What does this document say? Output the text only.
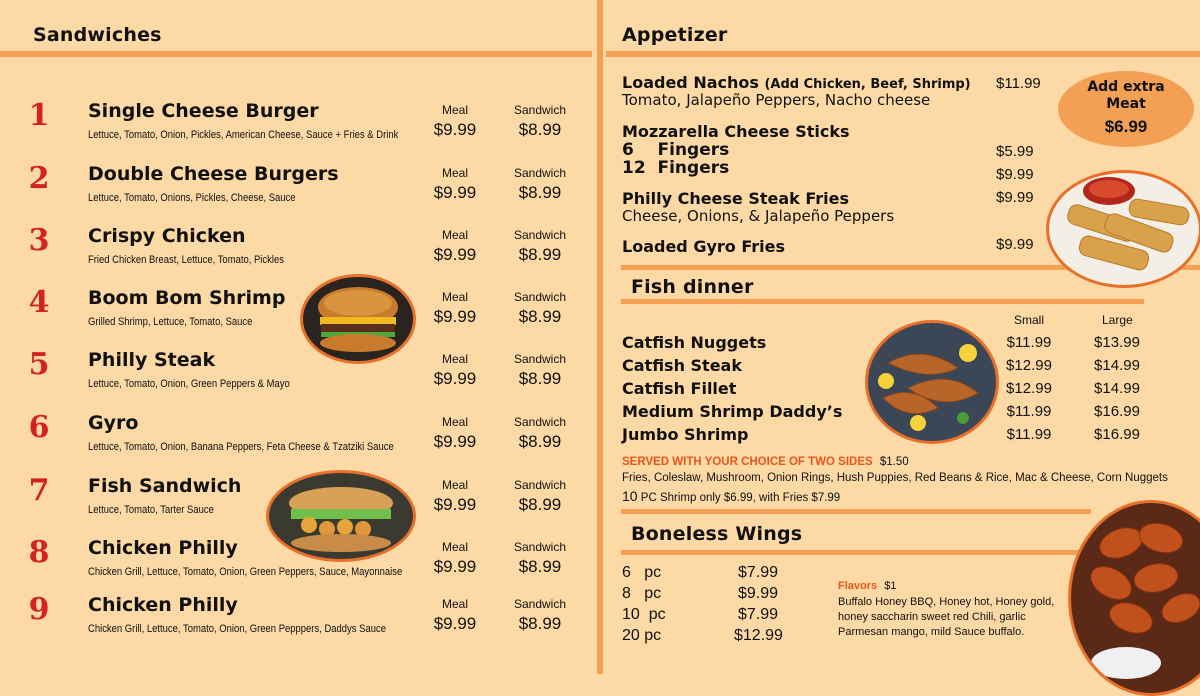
Sandwiches	Appetizer
1 Single Cheese Burger
Lettuce, Tomato, Onion, Pickles, American Cheese, Sauce + Fries & Drink
Meal
$9.99
Sandwich
$8.99
2 Double Cheese Burgers
Lettuce, Tomato, Onions, Pickles, Cheese, Sauce
Meal
$9.99
Sandwich
$8.99
3 Crispy Chicken
Fried Chicken Breast, Lettuce, Tomato, Pickles
Meal
$9.99
Sandwich
$8.99
4 Boom Bom Shrimp
Grilled Shrimp, Lettuce, Tomato, Sauce
Meal
$9.99
Sandwich
$8.99
5 Philly Steak
Lettuce, Tomato, Onion, Green Peppers & Mayo
Meal
$9.99
Sandwich
$8.99
6 Gyro
Lettuce, Tomato, Onion, Banana Peppers, Feta Cheese & Tzatziki Sauce
Meal
$9.99
Sandwich
$8.99
7 Fish Sandwich
Lettuce, Tomato, Tarter Sauce
Meal
$9.99
Sandwich
$8.99
8 Chicken Philly
Chicken Grill, Lettuce, Tomato, Onion, Green Peppers, Sauce, Mayonnaise
Meal
$9.99
Sandwich
$8.99
9 Chicken Philly
Chicken Grill, Lettuce, Tomato, Onion, Green Pepppers, Daddys Sauce
Meal
$9.99
Sandwich
$8.99
Loaded Nachos (Add Chicken, Beef, Shrimp)
Tomato, Jalapeño Peppers, Nacho cheese
$11.99
Mozzarella Cheese Sticks
6    Fingers
12  Fingers
$5.99
$9.99
Philly Cheese Steak Fries
Cheese, Onions, & Jalapeño Peppers
$9.99
Loaded Gyro Fries	$9.99
Add extra Meat
$6.99
Fish dinner
Small	Large
Catfish Nuggets	$11.99	$13.99
Catfish Steak	$12.99	$14.99
Catfish Fillet	$12.99	$14.99
Medium Shrimp Daddy’s	$11.99	$16.99
Jumbo Shrimp	$11.99	$16.99
SERVED WITH YOUR CHOICE OF TWO SIDES $1.50
Fries, Coleslaw, Mushroom, Onion Rings, Hush Puppies, Red Beans & Rice, Mac & Cheese, Corn Nuggets
10 PC Shrimp only $6.99, with Fries $7.99
Boneless Wings
6   pc	$7.99
8   pc	$9.99
10  pc	$7.99
20 pc	$12.99
Flavors $1
Buffalo Honey BBQ, Honey hot, Honey gold,
honey saccharin sweet red Chili, garlic
Parmesan mango, mild Sauce buffalo.
